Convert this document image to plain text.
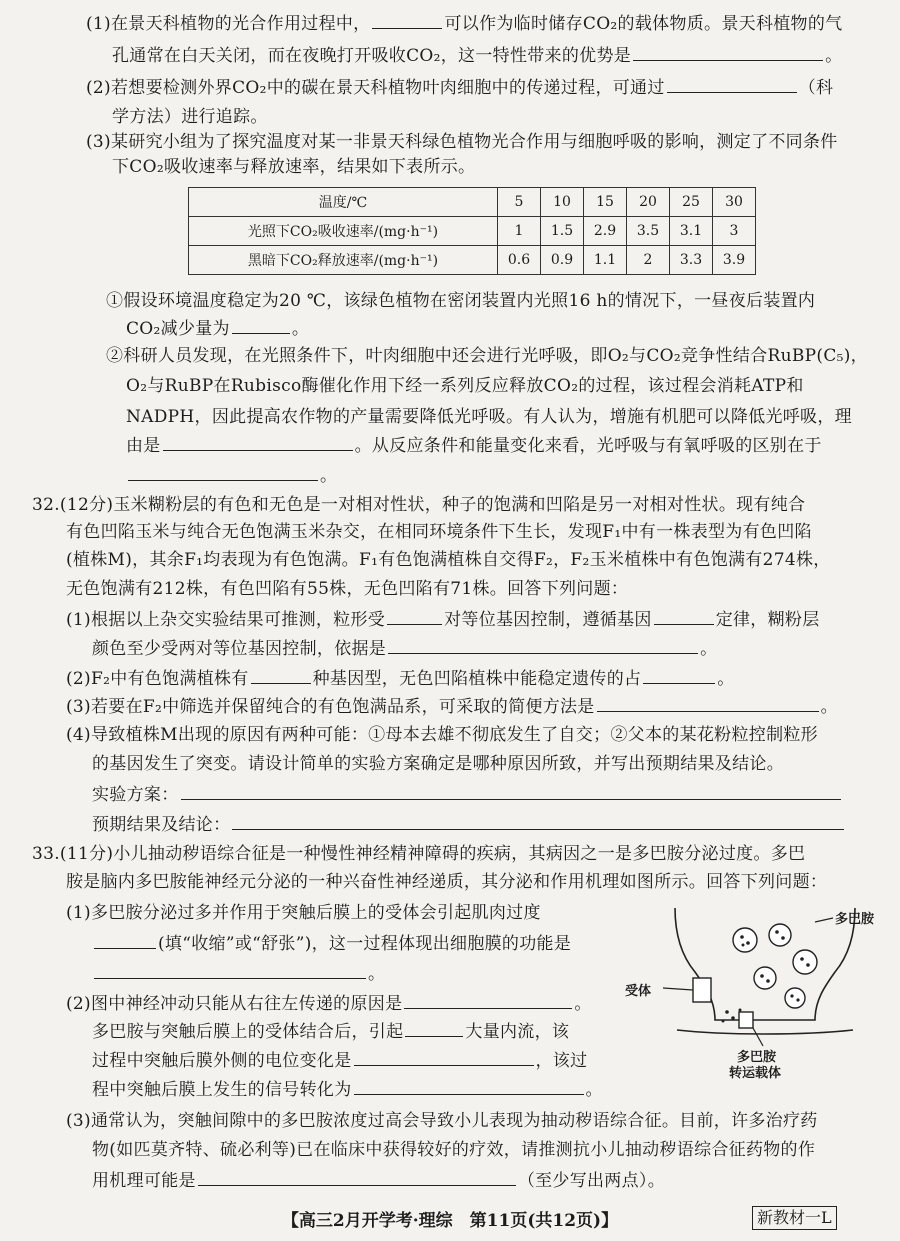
(1)在景天科植物的光合作用过程中，	可以作为临时储存CO₂的载体物质。景天科植物的气
孔通常在白天关闭，而在夜晚打开吸收CO₂，这一特性带来的优势是	。
(2)若想要检测外界CO₂中的碳在景天科植物叶肉细胞中的传递过程，可通过	（科
学方法）进行追踪。
(3)某研究小组为了探究温度对某一非景天科绿色植物光合作用与细胞呼吸的影响，测定了不同条件
下CO₂吸收速率与释放速率，结果如下表所示。
温度/℃	5	10	15	20	25	30
光照下CO₂吸收速率/(mg·h⁻¹)	1	1.5	2.9	3.5	3.1	3
黑暗下CO₂释放速率/(mg·h⁻¹)	0.6	0.9	1.1	2	3.3	3.9
①假设环境温度稳定为20 ℃，该绿色植物在密闭装置内光照16 h的情况下，一昼夜后装置内
CO₂减少量为	。
②科研人员发现，在光照条件下，叶肉细胞中还会进行光呼吸，即O₂与CO₂竞争性结合RuBP(C₅)，
O₂与RuBP在Rubisco酶催化作用下经一系列反应释放CO₂的过程，该过程会消耗ATP和
NADPH，因此提高农作物的产量需要降低光呼吸。有人认为，增施有机肥可以降低光呼吸，理
由是	。从反应条件和能量变化来看，光呼吸与有氧呼吸的区别在于
。
32.(12分)玉米糊粉层的有色和无色是一对相对性状，种子的饱满和凹陷是另一对相对性状。现有纯合
有色凹陷玉米与纯合无色饱满玉米杂交，在相同环境条件下生长，发现F₁中有一株表型为有色凹陷
(植株M)，其余F₁均表现为有色饱满。F₁有色饱满植株自交得F₂，F₂玉米植株中有色饱满有274株，
无色饱满有212株，有色凹陷有55株，无色凹陷有71株。回答下列问题：
(1)根据以上杂交实验结果可推测，粒形受	对等位基因控制，遵循基因	定律，糊粉层
颜色至少受两对等位基因控制，依据是	。
(2)F₂中有色饱满植株有	种基因型，无色凹陷植株中能稳定遗传的占	。
(3)若要在F₂中筛选并保留纯合的有色饱满品系，可采取的简便方法是	。
(4)导致植株M出现的原因有两种可能：①母本去雄不彻底发生了自交；②父本的某花粉粒控制粒形
的基因发生了突变。请设计简单的实验方案确定是哪种原因所致，并写出预期结果及结论。
实验方案：
预期结果及结论：
33.(11分)小儿抽动秽语综合征是一种慢性神经精神障碍的疾病，其病因之一是多巴胺分泌过度。多巴
胺是脑内多巴胺能神经元分泌的一种兴奋性神经递质，其分泌和作用机理如图所示。回答下列问题：
(1)多巴胺分泌过多并作用于突触后膜上的受体会引起肌肉过度
(填“收缩”或“舒张”)，这一过程体现出细胞膜的功能是
。
(2)图中神经冲动只能从右往左传递的原因是	。
多巴胺与突触后膜上的受体结合后，引起	大量内流，该
过程中突触后膜外侧的电位变化是	，该过
程中突触后膜上发生的信号转化为	。
(3)通常认为，突触间隙中的多巴胺浓度过高会导致小儿表现为抽动秽语综合征。目前，许多治疗药
物(如匹莫齐特、硫必利等)已在临床中获得较好的疗效，请推测抗小儿抽动秽语综合征药物的作
用机理可能是	（至少写出两点）。
多巴胺
受体
多巴胺
转运载体
【高三2月开学考·理综　第11页(共12页)】	新教材一L
